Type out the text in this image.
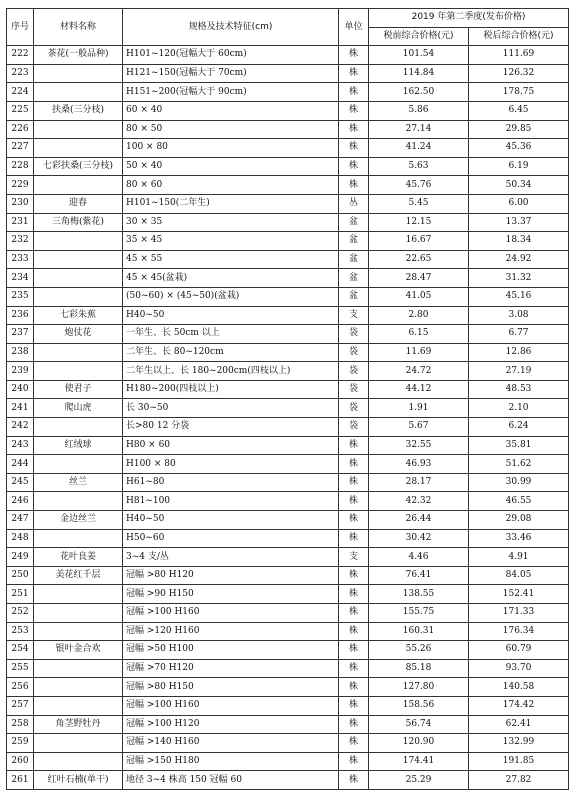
序号	材料名称	规格及技术特征(cm)	单位	2019 年第二季度(发布价格)	
				税前综合价格(元)	税后综合价格(元)
222	茶花(一般品种)	H101~120(冠幅大于 60cm)	株	101.54	111.69
223		H121~150(冠幅大于 70cm)	株	114.84	126.32
224		H151~200(冠幅大于 90cm)	株	162.50	178.75
225	扶桑(三分枝)	60 × 40	株	5.86	6.45
226		80 × 50	株	27.14	29.85
227		100 × 80	株	41.24	45.36
228	七彩扶桑(三分枝)	50 × 40	株	5.63	6.19
229		80 × 60	株	45.76	50.34
230	迎春	H101~150(二年生)	丛	5.45	6.00
231	三角梅(紫花)	30 × 35	盆	12.15	13.37
232		35 × 45	盆	16.67	18.34
233		45 × 55	盆	22.65	24.92
234		45 × 45(盆栽)	盆	28.47	31.32
235		(50~60) × (45~50)(盆栽)	盆	41.05	45.16
236	七彩朱蕉	H40~50	支	2.80	3.08
237	炮仗花	一年生、长 50cm 以上	袋	6.15	6.77
238		二年生、长 80~120cm	袋	11.69	12.86
239		二年生以上、长 180~200cm(四枝以上)	袋	24.72	27.19
240	使君子	H180~200(四枝以上)	袋	44.12	48.53
241	爬山虎	长 30~50	袋	1.91	2.10
242		长>80 12 分袋	袋	5.67	6.24
243	红绒球	H80 × 60	株	32.55	35.81
244		H100 × 80	株	46.93	51.62
245	丝兰	H61~80	株	28.17	30.99
246		H81~100	株	42.32	46.55
247	金边丝兰	H40~50	株	26.44	29.08
248		H50~60	株	30.42	33.46
249	花叶良姜	3~4 支/丛	支	4.46	4.91
250	美花红千层	冠幅 >80 H120	株	76.41	84.05
251		冠幅 >90 H150	株	138.55	152.41
252		冠幅 >100 H160	株	155.75	171.33
253		冠幅 >120 H160	株	160.31	176.34
254	银叶金合欢	冠幅 >50 H100	株	55.26	60.79
255		冠幅 >70 H120	株	85.18	93.70
256		冠幅 >80 H150	株	127.80	140.58
257		冠幅 >100 H160	株	158.56	174.42
258	角茎野牡丹	冠幅 >100 H120	株	56.74	62.41
259		冠幅 >140 H160	株	120.90	132.99
260		冠幅 >150 H180	株	174.41	191.85
261	红叶石楠(单干)	地径 3~4 株高 150 冠幅 60	株	25.29	27.82
